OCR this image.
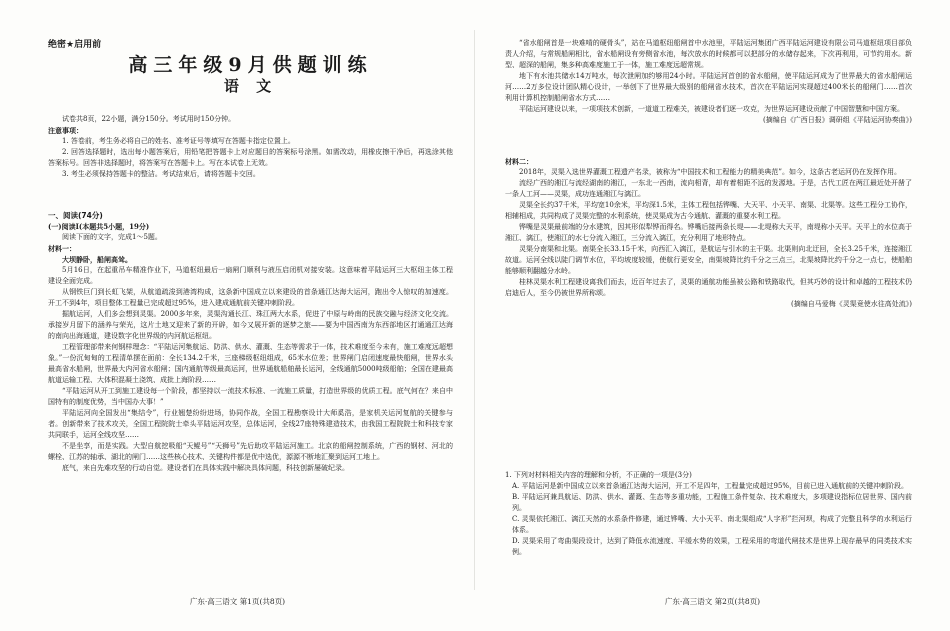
绝密★启用前
高三年级9月供题训练
语 文

试卷共8页，22小题，满分150分。考试用时150分钟。

注意事项：

1. 答卷前，考生务必将自己的姓名、准考证号等填写在答题卡指定位置上。

2. 回答选择题时，选出每小题答案后，用铅笔把答题卡上对应题目的答案标号涂黑。如需改动，用橡皮擦干净后，再选涂其他答案标号。回答非选择题时，将答案写在答题卡上。写在本试卷上无效。

3. 考生必须保持答题卡的整洁。考试结束后，请将答题卡交回。

一、阅读(74分)

(一)阅读Ⅰ(本题共5小题，19分)

阅读下面的文字，完成1～5题。

材料一：

大坝静卧，船闸高耸。

5月16日，在起重吊车精准作业下，马道枢纽最后一扇闸门顺利与液压启闭机对接安装。这意味着平陆运河三大枢纽主体工程建设全面完成。

从钢铁巨门到长虹飞架，从航道疏浚到港湾构成，这条新中国成立以来建设的首条通江达海大运河，跑出令人惊叹的加速度。开工不到4年，项目整体工程量已完成超过95%，进入建成通航前关键冲刺阶段。

掘航运河，人们多会想到灵渠。2000多年来，灵渠沟通长江、珠江两大水系，促进了中原与岭南的民族交融与经济文化交流。承接岁月留下的涵养与荣光，这片土地又迎来了新的开辟，如今又展开新的逐梦之旅——要为中国西南为东西部地区打通通江达海的南向出海通道，建设数字化世界级的内河航运枢纽。

工程管理部带来何钢样理念：“平陆运河集航运、防洪、供水、灌溉、生态等需求于一体，技术难度至今未有，施工难度远超想象。”一份沉甸甸的工程清单摆在面前：全长134.2千米，三座梯级枢纽组成，65米水位差；世界闸门启闭速度最快船闸，世界水头最高省水船闸，世界最大内河省水船闸；国内通航等级最高运河，世界通航船舶最长运河，全线通航5000吨级船舶；全国在建最高航道运输工程、大体积混凝土浇筑、成批上海阶段……

“平陆运河从开工到施工建设每一个阶段，都坚持以一流技术标准、一流施工质量，打造世界级的优质工程。底气何在？来自中国特有的制度优势，当中国办大事！”

平陆运河向全国发出“集结令”，行业翘楚纷纷进场，协同作战，全国工程勘察设计大师奚浩，是家机关运河复航的关键参与者。创新带来了技术攻关，全国工程院院士牵头平陆运河攻坚，总体运河，全线27座特殊建造技术，由我国工程院院士和科技专家共同联手，运河全线攻坚……

不是坐享，而是实践。大型自航挖吸船“天鲲号”“天狮号”先后助攻平陆运河施工。北京的船闸控制系统，广西的钢材、河北的螺栓、江苏的轴承、湖北的闸门……这些核心技术、关键构件都是优中选优，源源不断地汇聚到运河工地上。

底气，来自先难攻坚的行动自觉。建设者们在具体实践中解决具体问题，科技创新屡破纪录。

广东·高三语文 第1页(共8页)

“省水船闸首是一块难啃的硬骨头”，站在马道枢纽船闸首中水池里，平陆运河集团广西平陆运河建设有限公司马道枢纽项目部负责人介绍，与常规船闸相比，省水船闸设有旁侧省水池，每次放水的时候都可以把部分的水储存起来，下次再利用，可节约用水。新型、超深的船闸，集多种高难度施工于一体，施工难度远超常规。

地下有水池共储水14万吨水，每次泄闸加约够用24小时。平陆运河首创的省水船闸，使平陆运河成为了世界最大的省水船闸运河……2万多位设计团队精心设计，一举创下了世界最大级别的船闸省水技术，首次在平陆运河实现超过400米长的船闸门……首次利用计算机控制船闸省水方式……

平陆运河建设以来，一项项技术创新，一道道工程难关，被建设者们逐一攻克，为世界运河建设贡献了中国智慧和中国方案。

(摘编自《广西日报》调研组《平陆运河协奏曲》)

材料二：

2018年，灵渠入选世界灌溉工程遗产名录，被称为“中国技术和工程能力的精美典范”。如今，这条古老运河仍在发挥作用。

流经广西的湘江与流经湖南的湘江，一东北一西南，流向相背，却有着相距不远的发源地。于是，古代工匠在两江最近处开凿了一条人工河——灵渠，成功连通湘江与漓江。

灵渠全长约37千米，平均宽10余米，平均深1.5米，主体工程包括铧嘴、大天平、小天平、南渠、北渠等。这些工程分工协作，相辅相成，共同构成了灵渠完整的水利系统，使灵渠成为古今通航、灌溉的重要水利工程。

铧嘴是灵渠最前端的分水建筑，因其形似犁铧而得名。铧嘴后接两条长堤——北堤称大天平，南堤称小天平。天平上的水位高于湘江、漓江，使湘江的水七分流入湘江，三分流入漓江，充分利用了地形特点。

灵渠分南渠和北渠。南渠全长33.15千米，向西汇入漓江，是航运与引水的主干渠。北渠则向北迂回，全长3.25千米，连接湘江故道。运河全线以陡门调节水位，平均坡度较缓，使航行更安全，南渠坡降比约千分之三点三，北渠坡降比约千分之一点七，使船舶能够顺利翻越分水岭。

桂林灵渠水利工程建设离我们而去，近百年过去了，灵渠的通航功能虽被公路和铁路取代，但其巧妙的设计和卓越的工程技术仍启迪后人，至今仍被世界所称颂。

(摘编自马爱梅《灵渠竟使水往高处流》)

1. 下列对材料相关内容的理解和分析，不正确的一项是(3分)

A. 平陆运河是新中国成立以来首条通江达海大运河，开工不足四年，工程量完成超过95%，目前已进入通航前的关键冲刺阶段。

B. 平陆运河兼具航运、防洪、供水、灌溉、生态等多重功能，工程施工条件复杂、技术难度大，多项建设指标位居世界、国内前列。

C. 灵渠依托湘江、漓江天然的水系条件修建，通过铧嘴、大小天平、南北渠组成“人字形”拦河坝，构成了完整且科学的水利运行体系。

D. 灵渠采用了弯曲渠段设计，达到了降低水流速度、平缓水势的效果，工程采用的弯道代闸技术是世界上现存最早的同类技术实例。

广东·高三语文 第2页(共8页)
